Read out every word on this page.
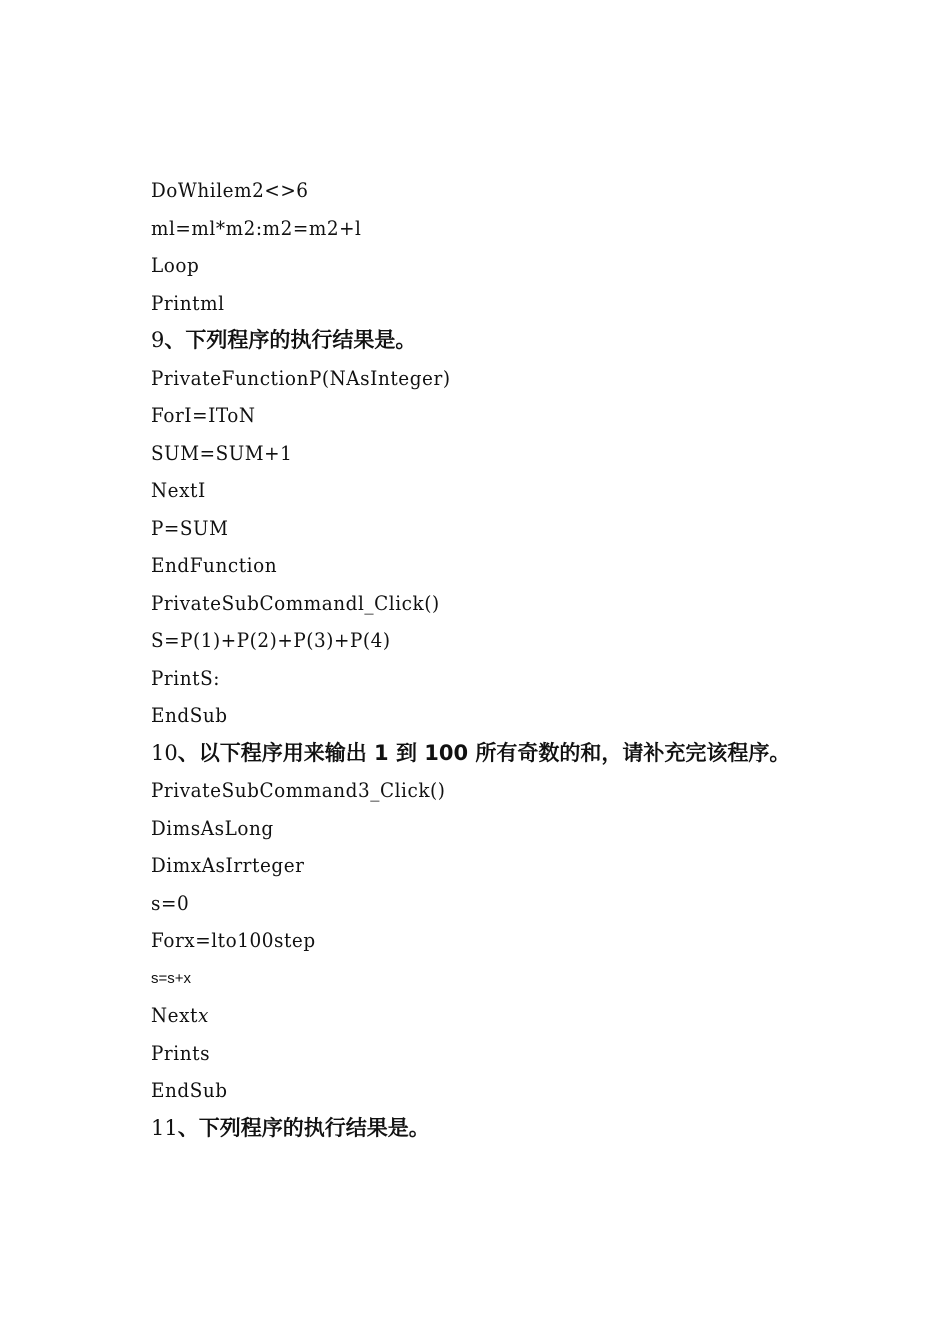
DoWhilem2<>6
ml=ml*m2:m2=m2+l
Loop
Printml
9、下列程序的执行结果是。
PrivateFunctionP(NAsInteger)
ForI=IToN
SUM=SUM+1
NextI
P=SUM
EndFunction
PrivateSubCommandl_Click()
S=P(1)+P(2)+P(3)+P(4)
PrintS:
EndSub
10、以下程序用来输出 1 到 100 所有奇数的和，请补充完该程序。
PrivateSubCommand3_Click()
DimsAsLong
DimxAsIrrteger
s=0
Forx=lto100step
s=s+x
Nextx
Prints
EndSub
11、下列程序的执行结果是。
